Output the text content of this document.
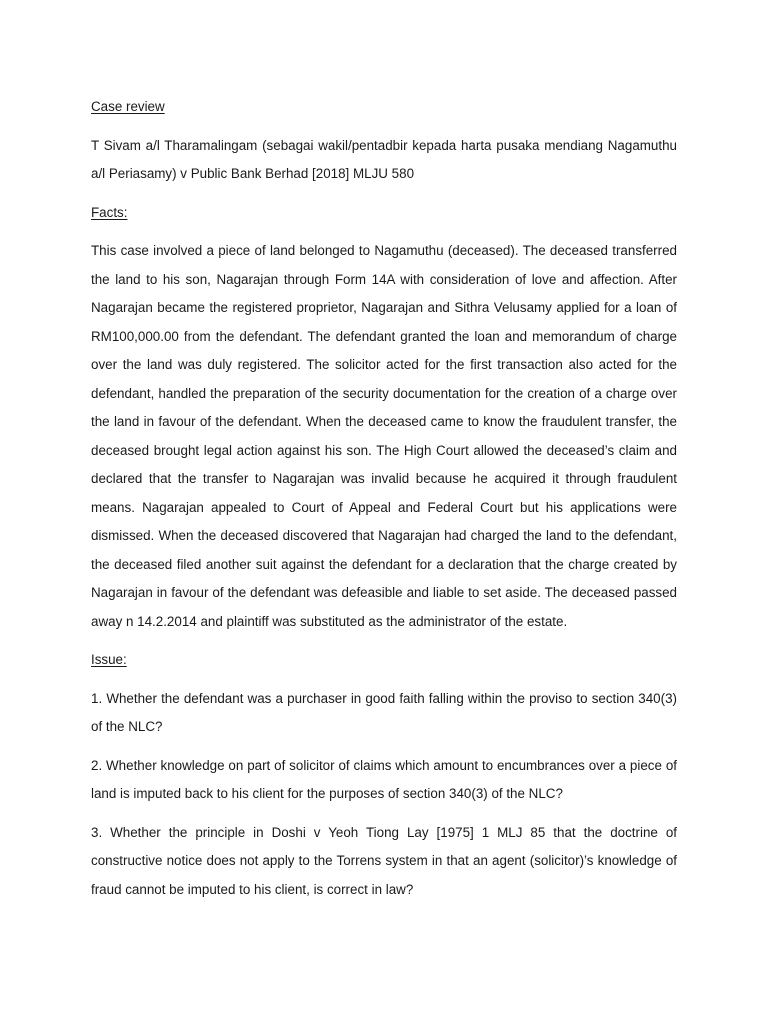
Case review

T Sivam a/l Tharamalingam (sebagai wakil/pentadbir kepada harta pusaka mendiang Nagamuthu a/l Periasamy) v Public Bank Berhad [2018] MLJU 580

Facts:

This case involved a piece of land belonged to Nagamuthu (deceased). The deceased transferred the land to his son, Nagarajan through Form 14A with consideration of love and affection. After Nagarajan became the registered proprietor, Nagarajan and Sithra Velusamy applied for a loan of RM100,000.00 from the defendant. The defendant granted the loan and memorandum of charge over the land was duly registered. The solicitor acted for the first transaction also acted for the defendant, handled the preparation of the security documentation for the creation of a charge over the land in favour of the defendant. When the deceased came to know the fraudulent transfer, the deceased brought legal action against his son. The High Court allowed the deceased’s claim and declared that the transfer to Nagarajan was invalid because he acquired it through fraudulent means. Nagarajan appealed to Court of Appeal and Federal Court but his applications were dismissed. When the deceased discovered that Nagarajan had charged the land to the defendant, the deceased filed another suit against the defendant for a declaration that the charge created by Nagarajan in favour of the defendant was defeasible and liable to set aside. The deceased passed away n 14.2.2014 and plaintiff was substituted as the administrator of the estate.

Issue:

1. Whether the defendant was a purchaser in good faith falling within the proviso to section 340(3) of the NLC?

2. Whether knowledge on part of solicitor of claims which amount to encumbrances over a piece of land is imputed back to his client for the purposes of section 340(3) of the NLC?

3. Whether the principle in Doshi v Yeoh Tiong Lay [1975] 1 MLJ 85 that the doctrine of constructive notice does not apply to the Torrens system in that an agent (solicitor)’s knowledge of fraud cannot be imputed to his client, is correct in law?
